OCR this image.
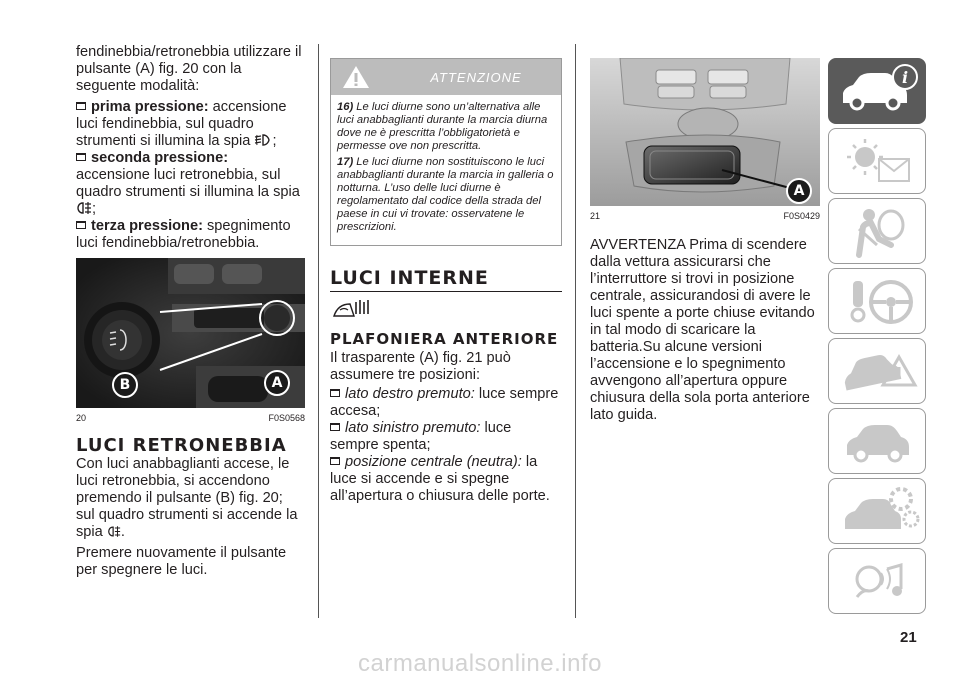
fendinebbia/retronebbia utilizzare il pulsante (A) fig. 20 con la seguente modalità:

prima pressione: accensione luci fendinebbia, sul quadro strumenti si illumina la spia ;

seconda pressione: accensione luci retronebbia, sul quadro strumenti si illumina la spia ;

terza pressione: spegnimento luci fendinebbia/retronebbia.

B	A
20	F0S0568
LUCI RETRONEBBIA

Con luci anabbaglianti accese, le luci retronebbia, si accendono premendo il pulsante (B) fig. 20; sul quadro strumenti si accende la spia .

Premere nuovamente il pulsante per spegnere le luci.

ATTENZIONE

16) Le luci diurne sono un’alternativa alle luci anabbaglianti durante la marcia diurna dove ne è prescritta l’obbligatorietà e permesse ove non prescritta.

17) Le luci diurne non sostituiscono le luci anabbaglianti durante la marcia in galleria o notturna. L’uso delle luci diurne è regolamentato dal codice della strada del paese in cui vi trovate: osservatene le prescrizioni.

LUCI INTERNE
PLAFONIERA ANTERIORE

Il trasparente (A) fig. 21 può assumere tre posizioni:

lato destro premuto: luce sempre accesa;

lato sinistro premuto: luce sempre spenta;

posizione centrale (neutra): la luce si accende e si spegne all’apertura o chiusura delle porte.

A
21	F0S0429

AVVERTENZA Prima di scendere dalla vettura assicurarsi che l’interruttore si trovi in posizione centrale, assicurandosi di avere le luci spente a porte chiuse evitando in tal modo di scaricare la batteria.Su alcune versioni l’accensione e lo spegnimento avvengono all’apertura oppure chiusura della sola porta anteriore lato guida.

i
21
carmanualsonline.info
